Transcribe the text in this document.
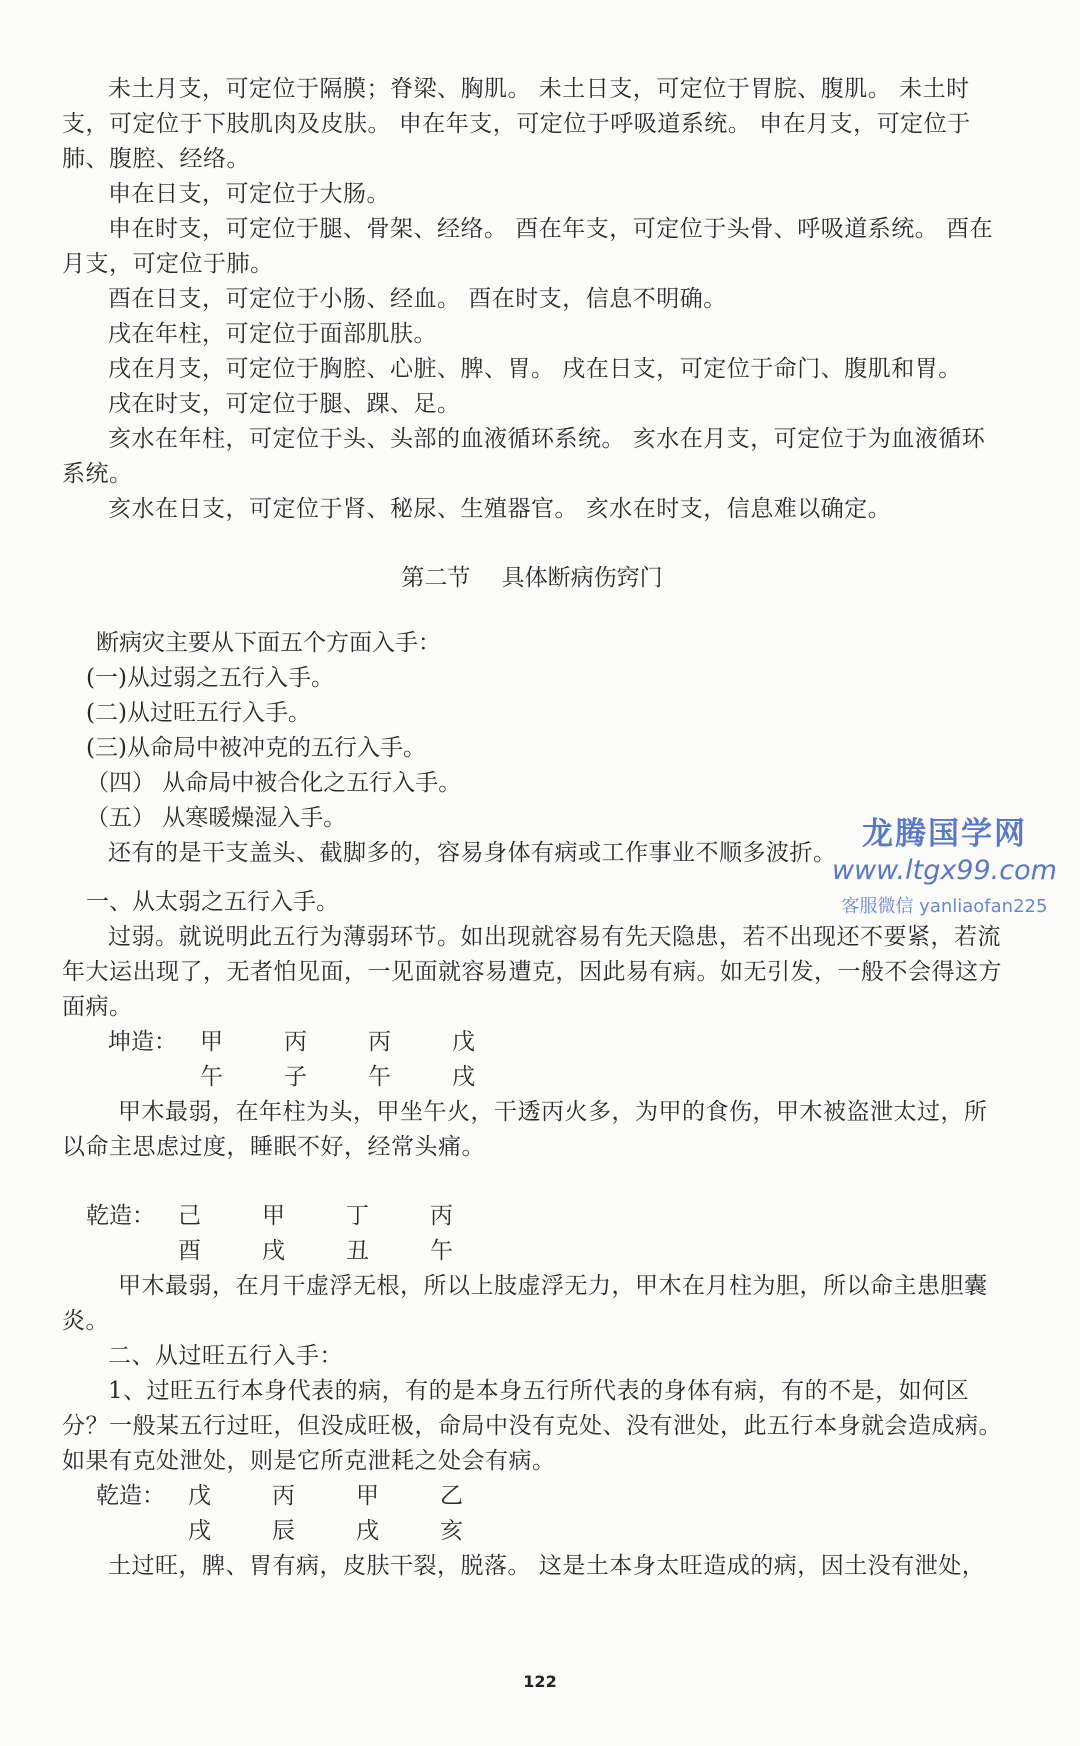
未土月支，可定位于隔膜；脊梁、胸肌。 未土日支，可定位于胃脘、腹肌。 未土时支，可定位于下肢肌肉及皮肤。 申在年支，可定位于呼吸道系统。 申在月支，可定位于肺、腹腔、经络。

申在日支，可定位于大肠。

申在时支，可定位于腿、骨架、经络。 酉在年支，可定位于头骨、呼吸道系统。 酉在月支，可定位于肺。

酉在日支，可定位于小肠、经血。 酉在时支，信息不明确。

戌在年柱，可定位于面部肌肤。

戌在月支，可定位于胸腔、心脏、脾、胃。 戌在日支，可定位于命门、腹肌和胃。

戌在时支，可定位于腿、踝、足。

亥水在年柱，可定位于头、头部的血液循环系统。 亥水在月支，可定位于为血液循环系统。

亥水在日支，可定位于肾、秘尿、生殖器官。 亥水在时支，信息难以确定。

第二节 具体断病伤窍门

断病灾主要从下面五个方面入手：

(一)从过弱之五行入手。

(二)从过旺五行入手。

(三)从命局中被冲克的五行入手。

（四） 从命局中被合化之五行入手。

（五） 从寒暖燥湿入手。

还有的是干支盖头、截脚多的，容易身体有病或工作事业不顺多波折。

一、从太弱之五行入手。

过弱。就说明此五行为薄弱环节。如出现就容易有先天隐患，若不出现还不要紧，若流年大运出现了，无者怕见面，一见面就容易遭克，因此易有病。如无引发，一般不会得这方面病。

坤造： 甲	丙	丙	戊
午	子	午	戌

甲木最弱，在年柱为头，甲坐午火，干透丙火多，为甲的食伤，甲木被盗泄太过，所以命主思虑过度，睡眠不好，经常头痛。

乾造： 己	甲	丁	丙
酉	戌	丑	午

甲木最弱，在月干虚浮无根，所以上肢虚浮无力，甲木在月柱为胆，所以命主患胆囊炎。

二、从过旺五行入手：

1、过旺五行本身代表的病，有的是本身五行所代表的身体有病，有的不是，如何区分？一般某五行过旺，但没成旺极，命局中没有克处、没有泄处，此五行本身就会造成病。如果有克处泄处，则是它所克泄耗之处会有病。

乾造： 戊	丙	甲	乙
戌	辰	戌	亥

土过旺，脾、胃有病，皮肤干裂，脱落。 这是土本身太旺造成的病，因土没有泄处，

龙腾国学网
www.ltgx99.com
客服微信 yanliaofan225
122
